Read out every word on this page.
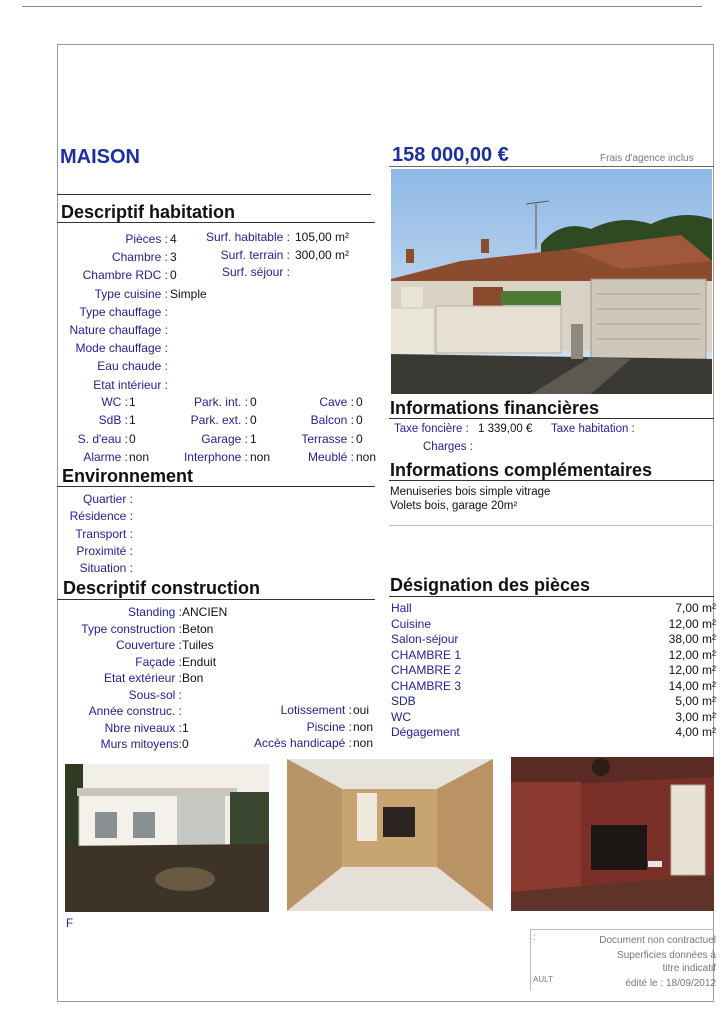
MAISON	158 000,00 €	Frais d'agence inclus
Descriptif habitation
Pièces : 4
Chambre : 3
Chambre RDC : 0
Type cuisine : Simple
Type chauffage :
Nature chauffage :
Mode chauffage :
Eau chaude :
Etat intérieur :
Surf. habitable : 105,00 m²
Surf. terrain : 300,00 m²
Surf. séjour :
WC : 1	Park. int. : 0	Cave : 0
SdB : 1	Park. ext. : 0	Balcon : 0
S. d'eau : 0	Garage : 1	Terrasse : 0
Alarme : non	Interphone : non	Meublé : non
Environnement
Quartier :
Résidence :
Transport :
Proximité :
Situation :
Descriptif construction
Standing : ANCIEN
Type construction : Beton
Couverture : Tuiles
Façade : Enduit
Etat extérieur : Bon
Sous-sol :
Année construc. :
Nbre niveaux : 1
Murs mitoyens: 0
Lotissement : oui
Piscine : non
Accès handicapé : non
Informations financières
Taxe foncière : 1 339,00 € Taxe habitation :
Charges :
Informations complémentaires
Menuiseries bois simple vitrage
Volets bois, garage 20m²
Désignation des pièces
Hall	7,00 m²
Cuisine	12,00 m²
Salon-séjour	38,00 m²
CHAMBRE 1	12,00 m²
CHAMBRE 2	12,00 m²
CHAMBRE 3	14,00 m²
SDB	5,00 m²
WC	3,00 m²
Dégagement	4,00 m²
F
:
AULT
Document non contractuel
Superficies données à
titre indicatif
édité le : 18/09/2012
